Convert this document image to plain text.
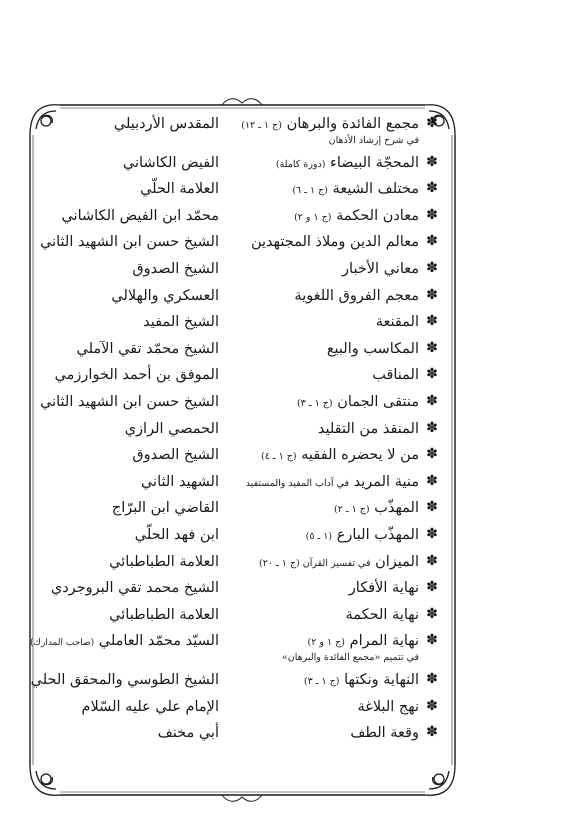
✽
مجمع الفائدة والبرهان (ج ١ ـ ١٢)
المقدس الأردبيلي
في شرح إرشاد الأذهان
✽
المحجّة البيضاء (دورة كاملة)
الفيض الكاشاني
✽
مختلف الشيعة (ج ١ ـ ٦)
العلامة الحلّي
✽
معادن الحكمة (ج ١ و ٢)
محمّد ابن الفيض الكاشاني
✽
معالم الدين وملاذ المجتهدين
الشيخ حسن ابن الشهيد الثاني
✽
معاني الأخبار
الشيخ الصدوق
✽
معجم الفروق اللغوية
العسكري والهلالي
✽
المقنعة
الشيخ المفيد
✽
المكاسب والبيع
الشيخ محمّد تقي الآملي
✽
المناقب
الموفق بن أحمد الخوارزمي
✽
منتقى الجمان (ج ١ ـ ٣)
الشيخ حسن ابن الشهيد الثاني
✽
المنقذ من التقليد
الحمصي الرازي
✽
من لا يحضره الفقيه (ج ١ ـ ٤)
الشيخ الصدوق
✽
منية المريد في آداب المفيد والمستفيد
الشهيد الثاني
✽
المهذّب (ج ١ ـ ٢)
القاضي ابن البرّاج
✽
المهذّب البارع (١ ـ ٥)
ابن فهد الحلّي
✽
الميزان في تفسير القرآن (ج ١ ـ ٢٠)
العلامة الطباطبائي
✽
نهاية الأفكار
الشيخ محمد تقي البروجردي
✽
نهاية الحكمة
العلامة الطباطبائي
✽
نهاية المرام (ج ١ و ٢)
السيّد محمّد العاملي (صاحب المدارك)
في تتميم «مجمع الفائدة والبرهان»
✽
النهاية ونكتها (ج ١ ـ ٣)
الشيخ الطوسي والمحقق الحلي
✽
نهج البلاغة
الإمام علي عليه السّلام
✽
وقعة الطف
أبي مخنف
